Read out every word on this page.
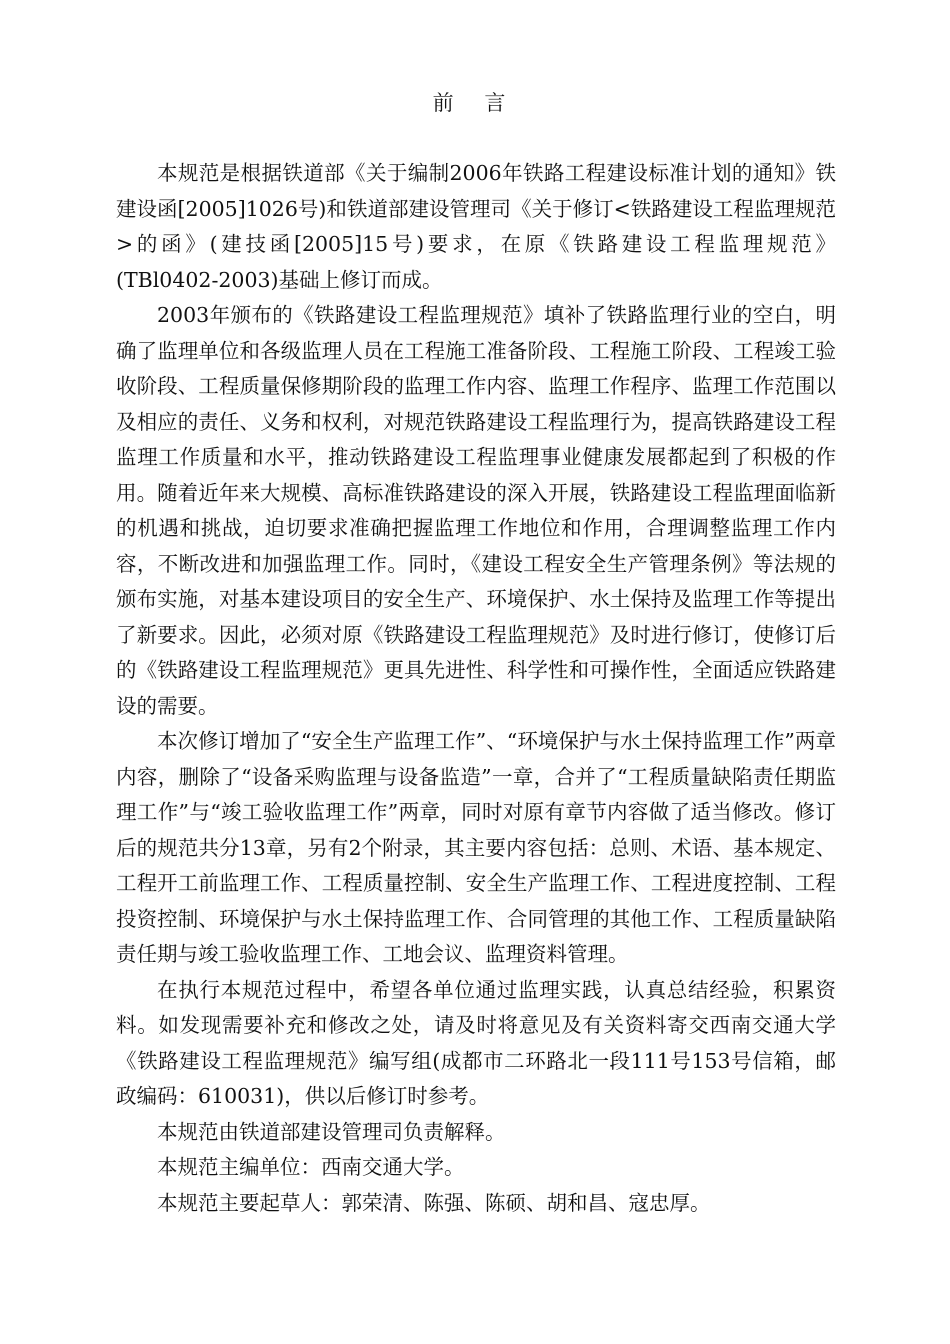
前 言

本规范是根据铁道部《关于编制2006年铁路工程建设标准计划的通知》铁建设函[2005]1026号)和铁道部建设管理司《关于修订<铁路建设工程监理规范>的函》(建技函[2005]15号)要求，在原《铁路建设工程监理规范》(TBl0402-2003)基础上修订而成。

2003年颁布的《铁路建设工程监理规范》填补了铁路监理行业的空白，明确了监理单位和各级监理人员在工程施工准备阶段、工程施工阶段、工程竣工验收阶段、工程质量保修期阶段的监理工作内容、监理工作程序、监理工作范围以及相应的责任、义务和权利，对规范铁路建设工程监理行为，提高铁路建设工程监理工作质量和水平，推动铁路建设工程监理事业健康发展都起到了积极的作用。随着近年来大规模、高标准铁路建设的深入开展，铁路建设工程监理面临新的机遇和挑战，迫切要求准确把握监理工作地位和作用，合理调整监理工作内容，不断改进和加强监理工作。同时，《建设工程安全生产管理条例》等法规的颁布实施，对基本建设项目的安全生产、环境保护、水土保持及监理工作等提出了新要求。因此，必须对原《铁路建设工程监理规范》及时进行修订，使修订后的《铁路建设工程监理规范》更具先进性、科学性和可操作性，全面适应铁路建设的需要。

本次修订增加了“安全生产监理工作”、“环境保护与水土保持监理工作”两章内容，删除了“设备采购监理与设备监造”一章，合并了“工程质量缺陷责任期监理工作”与“竣工验收监理工作”两章，同时对原有章节内容做了适当修改。修订后的规范共分13章，另有2个附录，其主要内容包括：总则、术语、基本规定、工程开工前监理工作、工程质量控制、安全生产监理工作、工程进度控制、工程投资控制、环境保护与水土保持监理工作、合同管理的其他工作、工程质量缺陷责任期与竣工验收监理工作、工地会议、监理资料管理。

在执行本规范过程中，希望各单位通过监理实践，认真总结经验，积累资料。如发现需要补充和修改之处，请及时将意见及有关资料寄交西南交通大学《铁路建设工程监理规范》编写组(成都市二环路北一段111号153号信箱，邮政编码：610031)，供以后修订时参考。

本规范由铁道部建设管理司负责解释。

本规范主编单位：西南交通大学。

本规范主要起草人：郭荣清、陈强、陈硕、胡和昌、寇忠厚。
